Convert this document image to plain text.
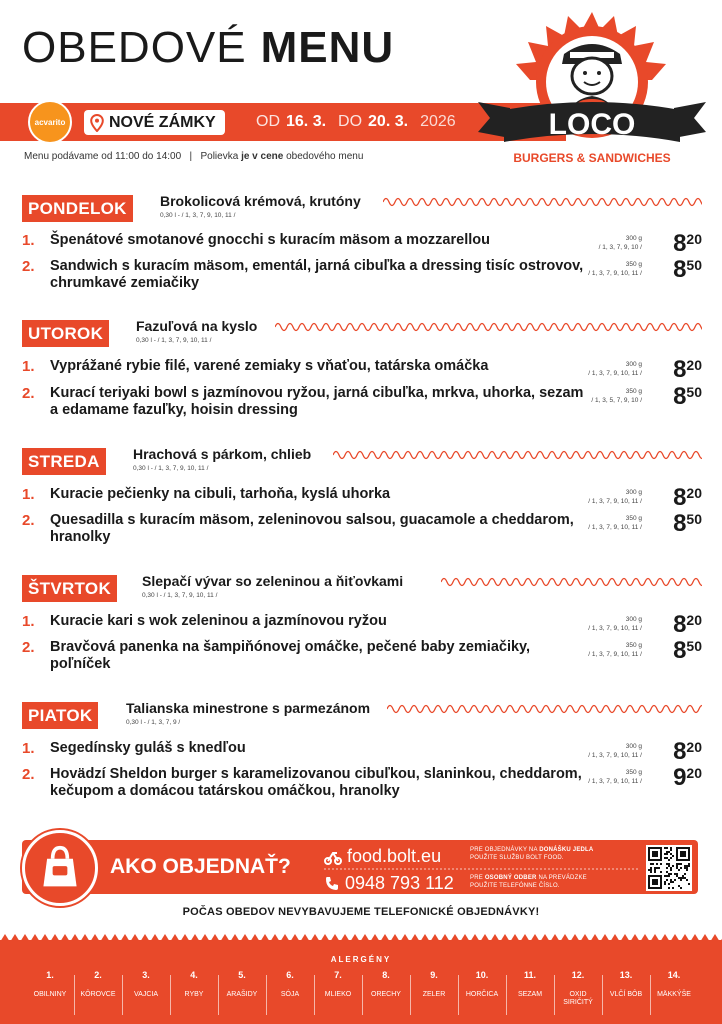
OBEDOVÉ MENU
acvarito	NOVÉ ZÁMKY	OD 16. 3. DO 20. 3. 2026
Menu podávame od 11:00 do 14:00 | Polievka je v cene obedového menu
LOCO
BURGERS & SANDWICHES
PONDELOK	Brokolicová krémová, krutóny
0,30 l - / 1, 3, 7, 9, 10, 11 /
1. Špenátové smotanové gnocchi s kuracím mäsom a mozzarellou	300 g
/ 1, 3, 7, 9, $10 / 8^{20}$
2. Sandwich s kuracím mäsom, ementál, jarná cibuľka a dressing tisíc ostrovov, chrumkavé zemiačiky
350 g
/ 1, 3, 7, 9, 10, $11 / 8^{50}$
UTOROK	Fazuľová na kyslo
0,30 l - / 1, 3, 7, 9, 10, 11 /
1. Vyprážané rybie filé, varené zemiaky s vňaťou, tatárska omáčka	300 g
/ 1, 3, 7, 9, 10, $11 / 8^{20}$
2. Kurací teriyaki bowl s jazmínovou ryžou, jarná cibuľka, mrkva, uhorka, sezam a edamame fazuľky, hoisin dressing
350 g
/ 1, 3, 5, 7, 9, $10 / 8^{50}$
STREDA	Hrachová s párkom, chlieb
0,30 l - / 1, 3, 7, 9, 10, 11 /
1. Kuracie pečienky na cibuli, tarhoňa, kyslá uhorka	300 g
/ 1, 3, 7, 9, 10, $11 / 8^{20}$
2. Quesadilla s kuracím mäsom, zeleninovou salsou, guacamole a cheddarom, hranolky
350 g
/ 1, 3, 7, 9, 10, $11 / 8^{50}$
ŠTVRTOK	Slepačí vývar so zeleninou a ňiťovkami
0,30 l - / 1, 3, 7, 9, 10, 11 /
1. Kuracie kari s wok zeleninou a jazmínovou ryžou	300 g
/ 1, 3, 7, 9, 10, $11 / 8^{20}$
2. Bravčová panenka na šampiňónovej omáčke, pečené baby zemiačiky, poľníček
350 g
/ 1, 3, 7, 9, 10, $11 / 8^{50}$
PIATOK	Talianska minestrone s parmezánom
0,30 l - / 1, 3, 7, 9 /
1. Segedínsky guláš s knedľou	300 g
/ 1, 3, 7, 9, 10, $11 / 8^{20}$
2. Hovädzí Sheldon burger s karamelizovanou cibuľkou, slaninkou, cheddarom, kečupom a domácou tatárskou omáčkou, hranolky
350 g
/ 1, 3, 7, 9, 10, $11 / 9^{20}$
AKO OBJEDNAŤ?	food.bolt.eu	PRE OBJEDNÁVKY NA DONÁŠKU JEDLA
POUŽITE SLUŽBU BOLT FOOD.
0948 793 112	PRE OSOBNÝ ODBER NA PREVÁDZKE
POUŽITE TELEFÓNNE ČÍSLO.
POČAS OBEDOV NEVYBAVUJEME TELEFONICKÉ OBJEDNÁVKY!
ALERGÉNY
1.
OBILNINY
2.
KÔROVCE
3.
VAJCIA
4.
RYBY
5.
ARAŠIDY
6.
SÓJA
7.
MLIEKO
8.
ORECHY
9.
ZELER
10.
HORČICA
11.
SEZAM
12.
OXID
SIRIČITÝ
13.
VLČÍ BÔB
14.
MÄKKÝŠE
